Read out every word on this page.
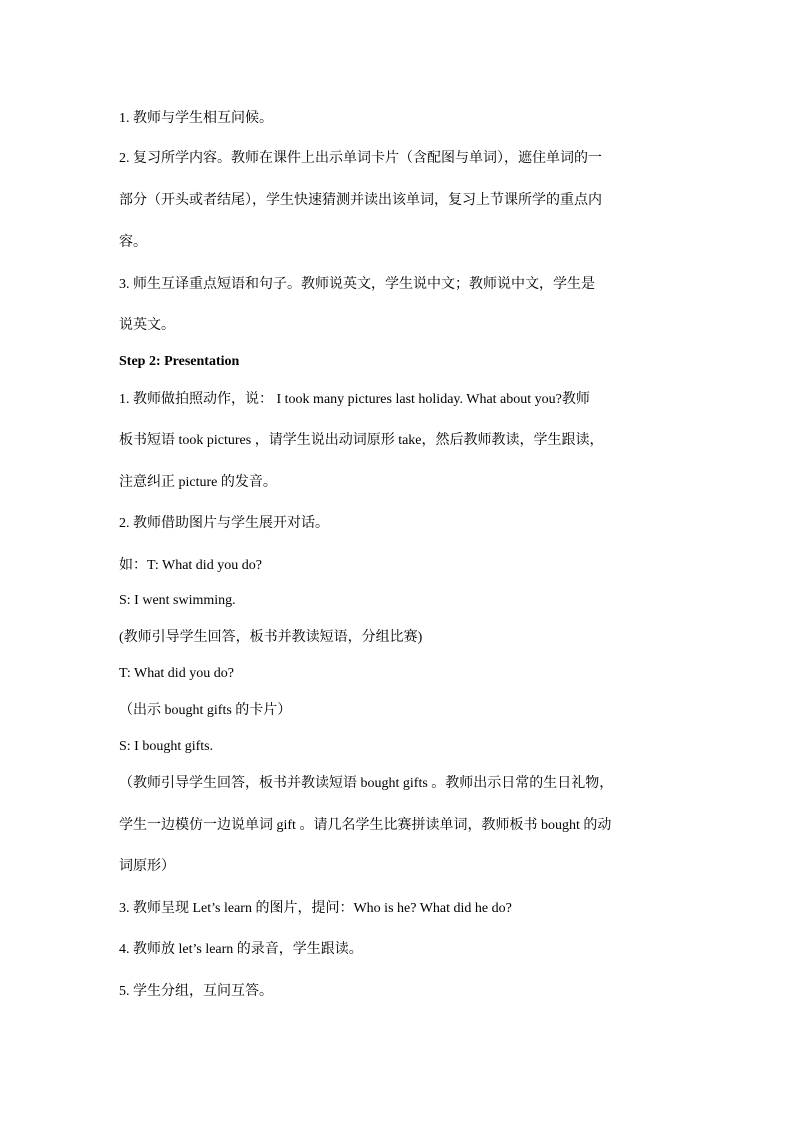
1. 教师与学生相互问候。
2. 复习所学内容。教师在课件上出示单词卡片（含配图与单词），遮住单词的一
部分（开头或者结尾），学生快速猜测并读出该单词，复习上节课所学的重点内
容。
3. 师生互译重点短语和句子。教师说英文，学生说中文；教师说中文，学生是
说英文。
Step 2: Presentation
1. 教师做拍照动作，说： I took many pictures last holiday. What about you?教师
板书短语 took pictures ，请学生说出动词原形 take，然后教师教读，学生跟读，
注意纠正 picture 的发音。
2. 教师借助图片与学生展开对话。
如：T: What did you do?
S: I went swimming.
(教师引导学生回答，板书并教读短语，分组比赛)
T: What did you do?
（出示 bought gifts 的卡片）
S: I bought gifts.
（教师引导学生回答，板书并教读短语 bought gifts 。教师出示日常的生日礼物，
学生一边模仿一边说单词 gift 。请几名学生比赛拼读单词，教师板书 bought 的动
词原形）
3. 教师呈现 Let’s learn 的图片，提问：Who is he? What did he do?
4. 教师放 let’s learn 的录音，学生跟读。
5. 学生分组，互问互答。
